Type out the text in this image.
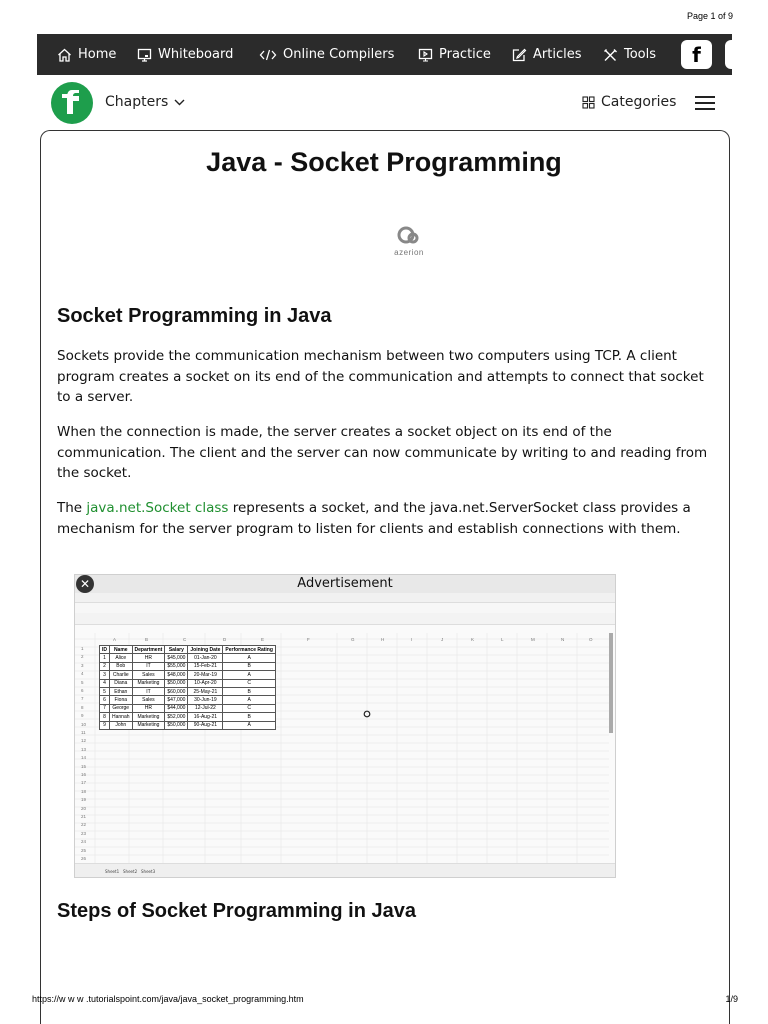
Page 1 of 9
Home	Whiteboard	Online Compilers	Practice	Articles	Tools f
Chapters	Categories
Java - Socket Programming
azerion
Socket Programming in Java

Sockets provide the communication mechanism between two computers using TCP. A client program creates a socket on its end of the communication and attempts to connect that socket to a server.

When the connection is made, the server creates a socket object on its end of the communication. The client and the server can now communicate by writing to and reading from the socket.

The java.net.Socket class represents a socket, and the java.net.ServerSocket class provides a mechanism for the server program to listen for clients and establish connections with them.

Advertisement
✕
A	B	C	D	E	F	G	H	I	J	K	L	M	N	O
1
2
3
4
5
6
7
8
9
10
11
12
13
14
15
16
17
18
19
20
21
22
23
24
25
26
ID	Name	Department	Salary	Joining Date	Performance Rating
1	Alice	HR	$45,000	01-Jan-20	A
2	Bob	IT	$55,000	15-Feb-21	B
3	Charlie	Sales	$48,000	20-Mar-19	A
4	Diana	Marketing	$50,000	10-Apr-20	C
5	Ethan	IT	$60,000	25-May-21	B
6	Fiona	Sales	$47,000	30-Jun-19	A
7	George	HR	$44,000	12-Jul-22	C
8	Hannah	Marketing	$52,000	16-Aug-21	B
9	John	Marketing	$50,000	90-Aug-21	A
Sheet1 Sheet2 Sheet3
Steps of Socket Programming in Java
https://w w w .tutorialspoint.com/java/java_socket_programming.htm	1/9
